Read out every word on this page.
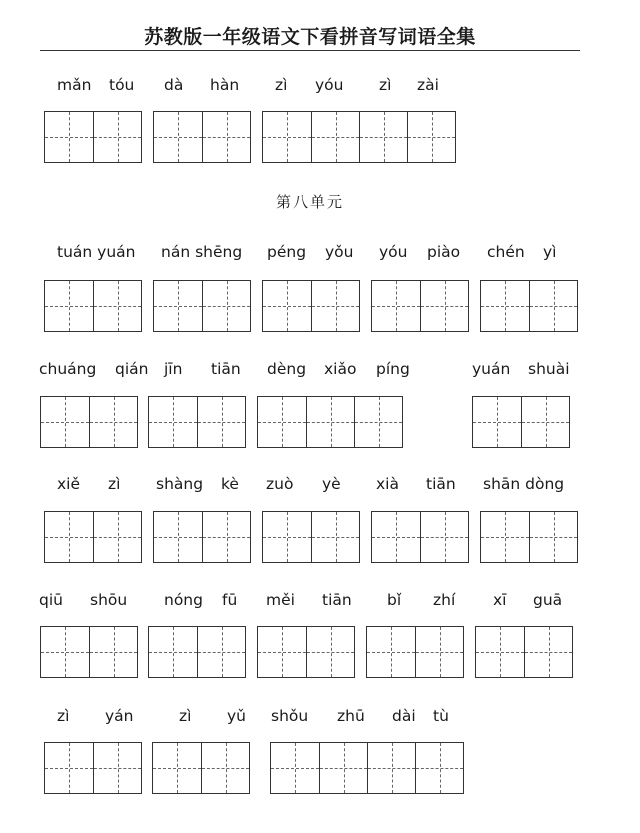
苏教版一年级语文下看拼音写词语全集
mǎn tóu dà hàn zì yóu zì zài
第八单元
tuán yuán nán shēng péng yǒu yóu piào chén yì
chuáng qián jīn tiān dèng xiǎo píng	yuán shuài
xiě zì shàng kè zuò yè xià tiān shān dòng
qiū shōu nóng fū měi tiān bǐ zhí xī guā
zì yán	zì yǔ shǒu zhū dài tù
